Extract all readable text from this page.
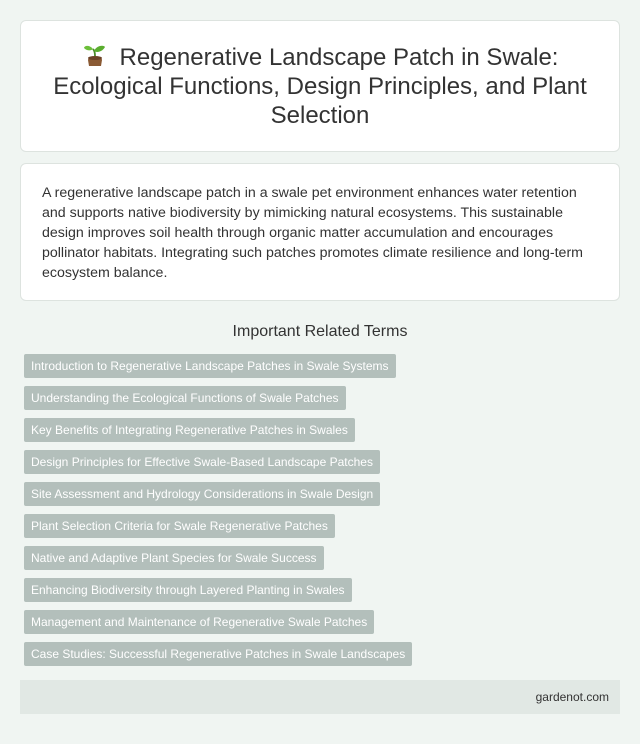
Regenerative Landscape Patch in Swale: Ecological Functions, Design Principles, and Plant Selection

A regenerative landscape patch in a swale pet environment enhances water retention and supports native biodiversity by mimicking natural ecosystems. This sustainable design improves soil health through organic matter accumulation and encourages pollinator habitats. Integrating such patches promotes climate resilience and long-term ecosystem balance.

Important Related Terms
Introduction to Regenerative Landscape Patches in Swale Systems
Understanding the Ecological Functions of Swale Patches
Key Benefits of Integrating Regenerative Patches in Swales
Design Principles for Effective Swale-Based Landscape Patches
Site Assessment and Hydrology Considerations in Swale Design
Plant Selection Criteria for Swale Regenerative Patches
Native and Adaptive Plant Species for Swale Success
Enhancing Biodiversity through Layered Planting in Swales
Management and Maintenance of Regenerative Swale Patches
Case Studies: Successful Regenerative Patches in Swale Landscapes
gardenot.com
